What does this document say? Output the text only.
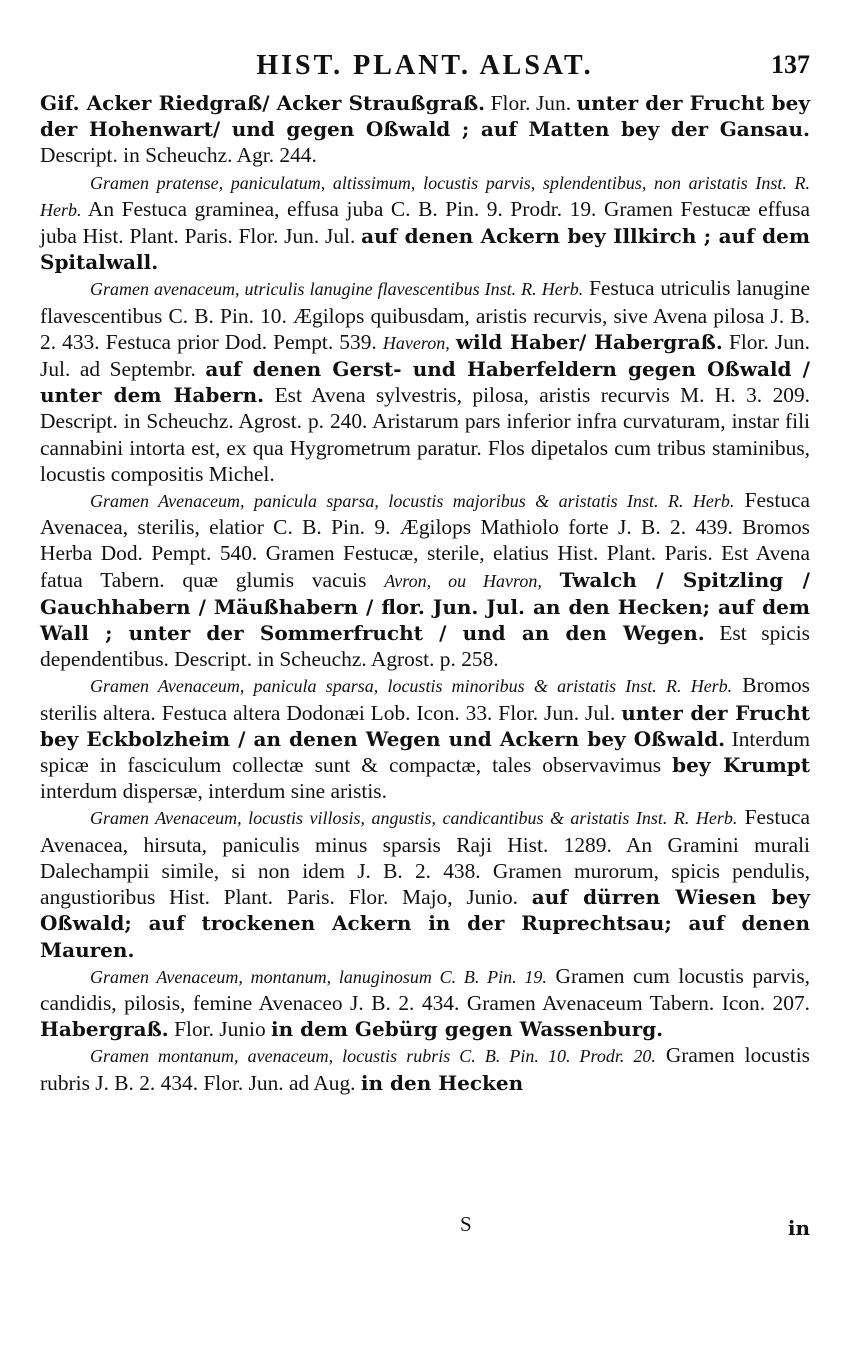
HIST. PLANT. ALSAT.	137

Gif. Acker Riedgraß/ Acker Straußgraß. Flor. Jun. unter der Frucht bey der Hohenwart/ und gegen Oßwald ; auf Matten bey der Gansau. Descript. in Scheuchz. Agr. 244.

Gramen pratense, paniculatum, altissimum, locustis parvis, splendentibus, non aristatis Inst. R. Herb. An Festuca graminea, effusa juba C. B. Pin. 9. Prodr. 19. Gramen Festucæ effusa juba Hist. Plant. Paris. Flor. Jun. Jul. auf denen Ackern bey Illkirch ; auf dem Spitalwall.

Gramen avenaceum, utriculis lanugine flavescentibus Inst. R. Herb. Festuca utriculis lanugine flavescentibus C. B. Pin. 10. Ægilops quibusdam, aristis recurvis, sive Avena pilosa J. B. 2. 433. Festuca prior Dod. Pempt. 539. Haveron, wild Haber/ Habergraß. Flor. Jun. Jul. ad Septembr. auf denen Gerst- und Haberfeldern gegen Oßwald / unter dem Habern. Est Avena sylvestris, pilosa, aristis recurvis M. H. 3. 209. Descript. in Scheuchz. Agrost. p. 240. Aristarum pars inferior infra curvaturam, instar fili cannabini intorta est, ex qua Hygrometrum paratur. Flos dipetalos cum tribus staminibus, locustis compositis Michel.

Gramen Avenaceum, panicula sparsa, locustis majoribus & aristatis Inst. R. Herb. Festuca Avenacea, sterilis, elatior C. B. Pin. 9. Ægilops Mathiolo forte J. B. 2. 439. Bromos Herba Dod. Pempt. 540. Gramen Festucæ, sterile, elatius Hist. Plant. Paris. Est Avena fatua Tabern. quæ glumis vacuis Avron, ou Havron, Twalch / Spitzling / Gauchhabern / Mäußhabern / flor. Jun. Jul. an den Hecken; auf dem Wall ; unter der Sommerfrucht / und an den Wegen. Est spicis dependentibus. Descript. in Scheuchz. Agrost. p. 258.

Gramen Avenaceum, panicula sparsa, locustis minoribus & aristatis Inst. R. Herb. Bromos sterilis altera. Festuca altera Dodonæi Lob. Icon. 33. Flor. Jun. Jul. unter der Frucht bey Eckbolzheim / an denen Wegen und Ackern bey Oßwald. Interdum spicæ in fasciculum collectæ sunt & compactæ, tales observavimus bey Krumpt interdum dispersæ, interdum sine aristis.

Gramen Avenaceum, locustis villosis, angustis, candicantibus & aristatis Inst. R. Herb. Festuca Avenacea, hirsuta, paniculis minus sparsis Raji Hist. 1289. An Gramini murali Dalechampii simile, si non idem J. B. 2. 438. Gramen murorum, spicis pendulis, angustioribus Hist. Plant. Paris. Flor. Majo, Junio. auf dürren Wiesen bey Oßwald; auf trockenen Ackern in der Ruprechtsau; auf denen Mauren.

Gramen Avenaceum, montanum, lanuginosum C. B. Pin. 19. Gramen cum locustis parvis, candidis, pilosis, femine Avenaceo J. B. 2. 434. Gramen Avenaceum Tabern. Icon. 207. Habergraß. Flor. Junio in dem Gebürg gegen Wassenburg.

Gramen montanum, avenaceum, locustis rubris C. B. Pin. 10. Prodr. 20. Gramen locustis rubris J. B. 2. 434. Flor. Jun. ad Aug. in den Hecken

S	in
